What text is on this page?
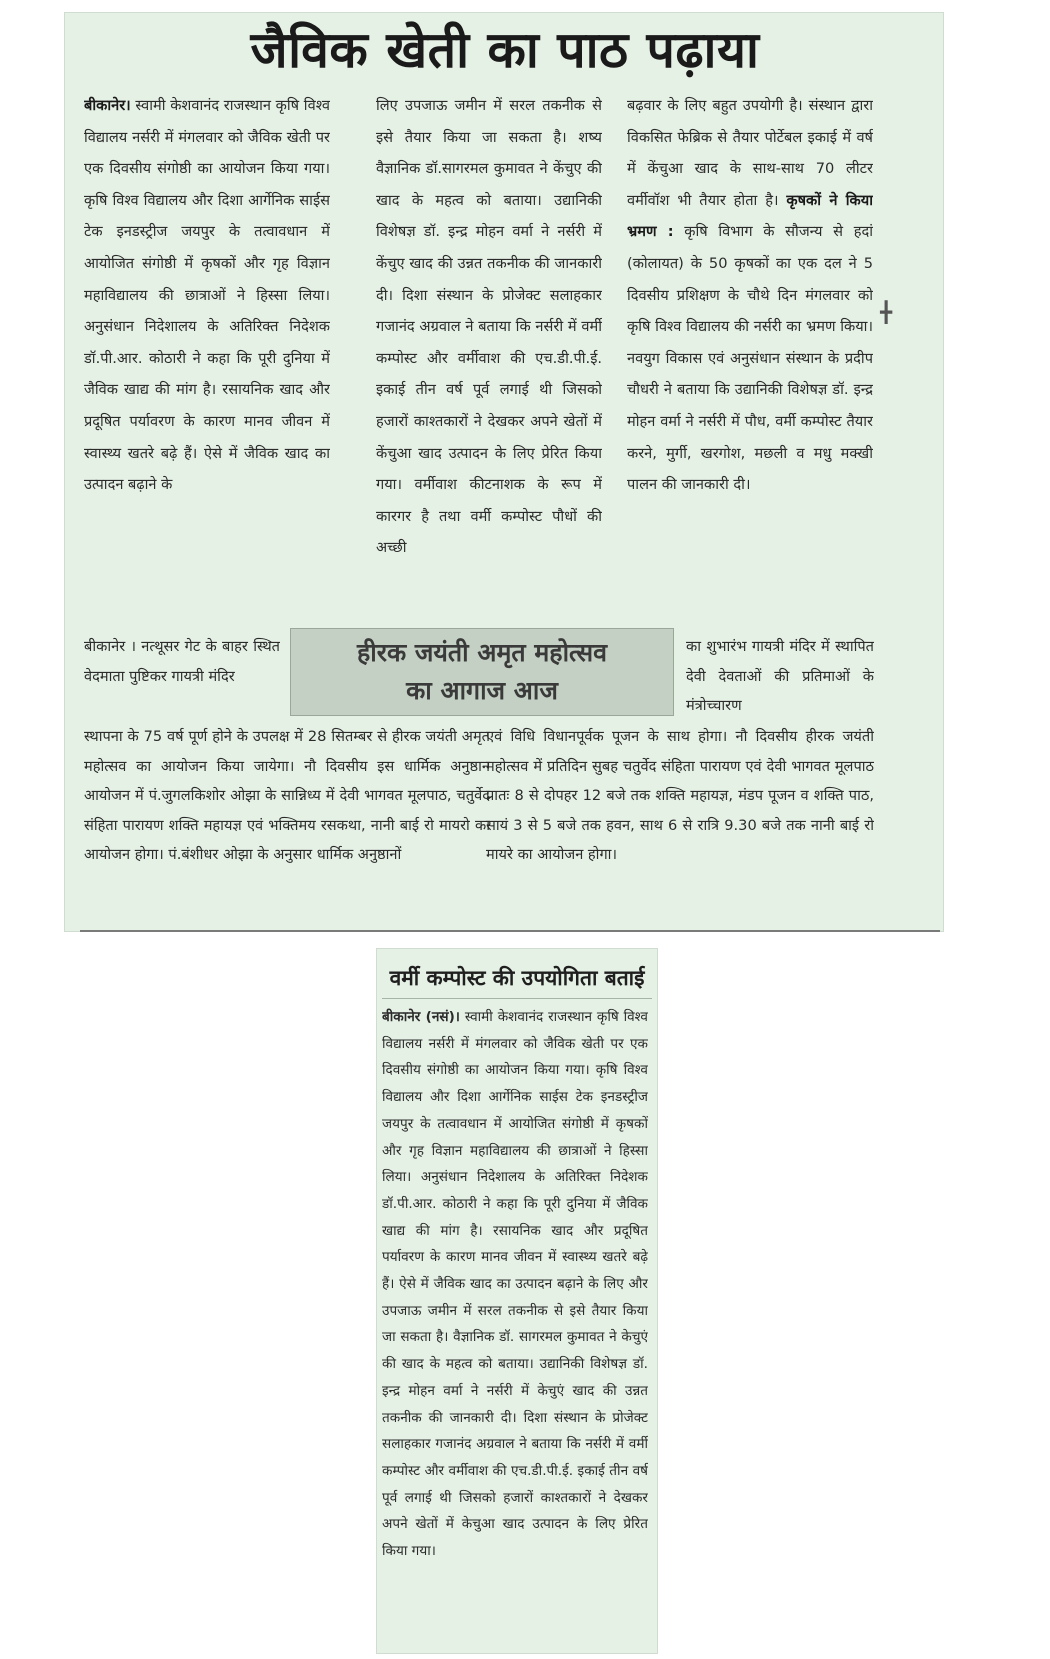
जैविक खेती का पाठ पढ़ाया

बीकानेर। स्वामी केशवानंद राजस्थान कृषि विश्व विद्यालय नर्सरी में मंगलवार को जैविक खेती पर एक दिवसीय संगोष्ठी का आयोजन किया गया। कृषि विश्व विद्यालय और दिशा आर्गेनिक साईस टेक इनडस्ट्रीज जयपुर के तत्वावधान में आयोजित संगोष्ठी में कृषकों और गृह विज्ञान महाविद्यालय की छात्राओं ने हिस्सा लिया। अनुसंधान निदेशालय के अतिरिक्त निदेशक डॉ.पी.आर. कोठारी ने कहा कि पूरी दुनिया में जैविक खाद्य की मांग है। रसायनिक खाद और प्रदूषित पर्यावरण के कारण मानव जीवन में स्वास्थ्य खतरे बढ़े हैं। ऐसे में जैविक खाद का उत्पादन बढ़ाने के

लिए उपजाऊ जमीन में सरल तकनीक से इसे तैयार किया जा सकता है। शष्य वैज्ञानिक डॉ.सागरमल कुमावत ने केंचुए की खाद के महत्व को बताया। उद्यानिकी विशेषज्ञ डॉ. इन्द्र मोहन वर्मा ने नर्सरी में केंचुए खाद की उन्नत तकनीक की जानकारी दी। दिशा संस्थान के प्रोजेक्ट सलाहकार गजानंद अग्रवाल ने बताया कि नर्सरी में वर्मी कम्पोस्ट और वर्मीवाश की एच.डी.पी.ई. इकाई तीन वर्ष पूर्व लगाई थी जिसको हजारों काश्तकारों ने देखकर अपने खेतों में केंचुआ खाद उत्पादन के लिए प्रेरित किया गया। वर्मीवाश कीटनाशक के रूप में कारगर है तथा वर्मी कम्पोस्ट पौधों की अच्छी

बढ़वार के लिए बहुत उपयोगी है। संस्थान द्वारा विकसित फेब्रिक से तैयार पोर्टेबल इकाई में वर्ष में केंचुआ खाद के साथ-साथ 70 लीटर वर्मीवॉश भी तैयार होता है। कृषकों ने किया भ्रमण : कृषि विभाग के सौजन्य से हदां (कोलायत) के 50 कृषकों का एक दल ने 5 दिवसीय प्रशिक्षण के चौथे दिन मंगलवार को कृषि विश्व विद्यालय की नर्सरी का भ्रमण किया। नवयुग विकास एवं अनुसंधान संस्थान के प्रदीप चौधरी ने बताया कि उद्यानिकी विशेषज्ञ डॉ. इन्द्र मोहन वर्मा ने नर्सरी में पौध, वर्मी कम्पोस्ट तैयार करने, मुर्गी, खरगोश, मछली व मधु मक्खी पालन की जानकारी दी।

╋
हीरक जयंती अमृत महोत्सव
का आगाज आज

बीकानेर । नत्थूसर गेट के बाहर स्थित वेदमाता पुष्टिकर गायत्री मंदिर

का शुभारंभ गायत्री मंदिर में स्थापित देवी देवताओं की प्रतिमाओं के मंत्रोच्चारण

स्थापना के 75 वर्ष पूर्ण होने के उपलक्ष में 28 सितम्बर से हीरक जयंती अमृत महोत्सव का आयोजन किया जायेगा। नौ दिवसीय इस धार्मिक अनुष्ठान आयोजन में पं.जुगलकिशोर ओझा के सान्निध्य में देवी भागवत मूलपाठ, चतुर्वेद संहिता पारायण शक्ति महायज्ञ एवं भक्तिमय रसकथा, नानी बाई रो मायरो का आयोजन होगा। पं.बंशीधर ओझा के अनुसार धार्मिक अनुष्ठानों

एवं विधि विधानपूर्वक पूजन के साथ होगा। नौ दिवसीय हीरक जयंती महोत्सव में प्रतिदिन सुबह चतुर्वेद संहिता पारायण एवं देवी भागवत मूलपाठ प्रातः 8 से दोपहर 12 बजे तक शक्ति महायज्ञ, मंडप पूजन व शक्ति पाठ, सायं 3 से 5 बजे तक हवन, साथ 6 से रात्रि 9.30 बजे तक नानी बाई रो मायरे का आयोजन होगा।

वर्मी कम्पोस्ट की उपयोगिता बताई

बीकानेर (नसं)। स्वामी केशवानंद राजस्थान कृषि विश्व विद्यालय नर्सरी में मंगलवार को जैविक खेती पर एक दिवसीय संगोष्ठी का आयोजन किया गया। कृषि विश्व विद्यालय और दिशा आर्गेनिक साईस टेक इनडस्ट्रीज जयपुर के तत्वावधान में आयोजित संगोष्ठी में कृषकों और गृह विज्ञान महाविद्यालय की छात्राओं ने हिस्सा लिया। अनुसंधान निदेशालय के अतिरिक्त निदेशक डॉ.पी.आर. कोठारी ने कहा कि पूरी दुनिया में जैविक खाद्य की मांग है। रसायनिक खाद और प्रदूषित पर्यावरण के कारण मानव जीवन में स्वास्थ्य खतरे बढ़े हैं। ऐसे में जैविक खाद का उत्पादन बढ़ाने के लिए और उपजाऊ जमीन में सरल तकनीक से इसे तैयार किया जा सकता है। वैज्ञानिक डॉ. सागरमल कुमावत ने केचुएं की खाद के महत्व को बताया। उद्यानिकी विशेषज्ञ डॉ. इन्द्र मोहन वर्मा ने नर्सरी में केचुएं खाद की उन्नत तकनीक की जानकारी दी। दिशा संस्थान के प्रोजेक्ट सलाहकार गजानंद अग्रवाल ने बताया कि नर्सरी में वर्मी कम्पोस्ट और वर्मीवाश की एच.डी.पी.ई. इकाई तीन वर्ष पूर्व लगाई थी जिसको हजारों काश्तकारों ने देखकर अपने खेतों में केचुआ खाद उत्पादन के लिए प्रेरित किया गया।
